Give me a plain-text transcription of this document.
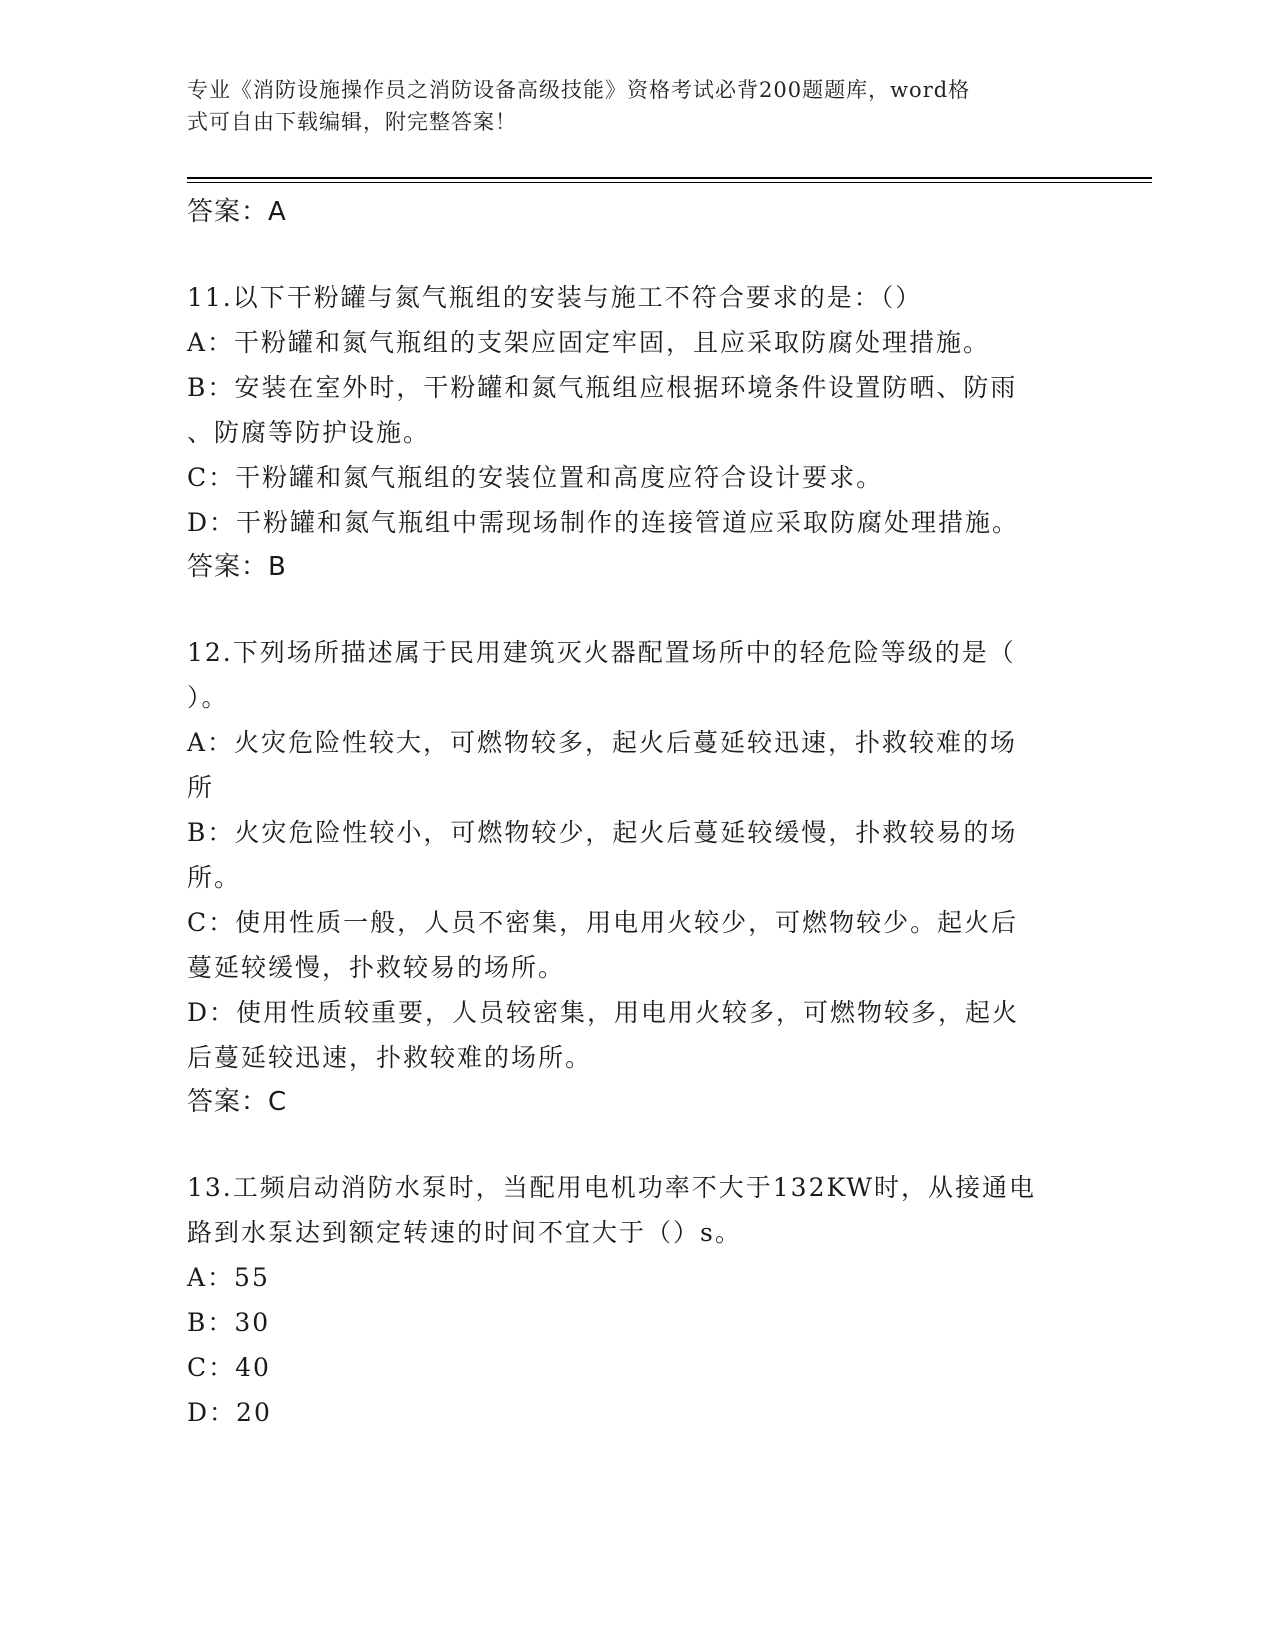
专业《消防设施操作员之消防设备高级技能》资格考试必背200题题库，word格
式可自由下载编辑，附完整答案！
答案：A
11.以下干粉罐与氮气瓶组的安装与施工不符合要求的是：（）
A：干粉罐和氮气瓶组的支架应固定牢固，且应采取防腐处理措施。
B：安装在室外时，干粉罐和氮气瓶组应根据环境条件设置防晒、防雨
、防腐等防护设施。
C：干粉罐和氮气瓶组的安装位置和高度应符合设计要求。
D：干粉罐和氮气瓶组中需现场制作的连接管道应采取防腐处理措施。
答案：B
12.下列场所描述属于民用建筑灭火器配置场所中的轻危险等级的是（
）。
A：火灾危险性较大，可燃物较多，起火后蔓延较迅速，扑救较难的场
所
B：火灾危险性较小，可燃物较少，起火后蔓延较缓慢，扑救较易的场
所。
C：使用性质一般，人员不密集，用电用火较少，可燃物较少。起火后
蔓延较缓慢，扑救较易的场所。
D：使用性质较重要，人员较密集，用电用火较多，可燃物较多，起火
后蔓延较迅速，扑救较难的场所。
答案：C
13.工频启动消防水泵时，当配用电机功率不大于132KW时，从接通电
路到水泵达到额定转速的时间不宜大于（）s。
A：55
B：30
C：40
D：20
